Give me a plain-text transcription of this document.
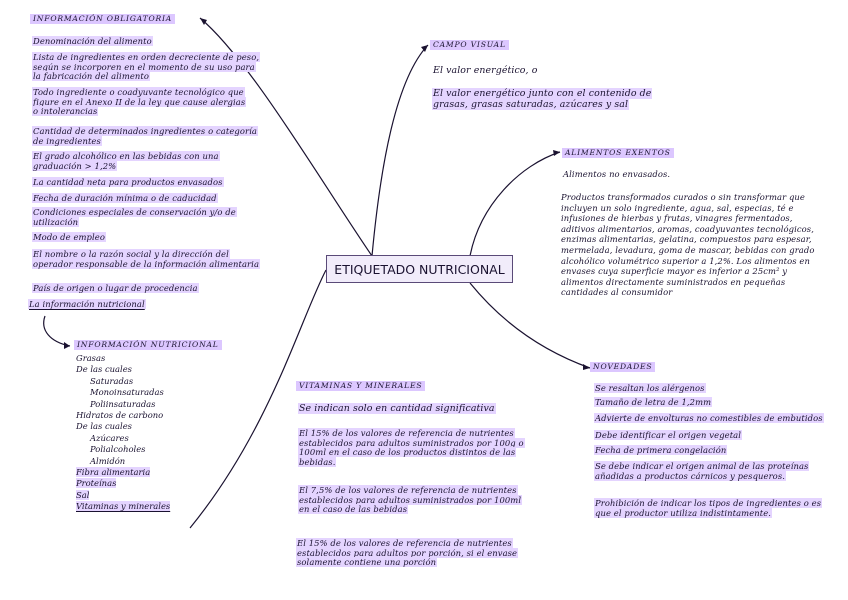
ETIQUETADO NUTRICIONAL
INFORMACIÓN OBLIGATORIA
Denominación del alimento
Lista de ingredientes en orden decreciente de peso, según se incorporen en el momento de su uso para la fabricación del alimento
Todo ingrediente o coadyuvante tecnológico que figure en el Anexo II de la ley que cause alergias o intolerancias
Cantidad de determinados ingredientes o categoría de ingredientes
El grado alcohólico en las bebidas con una graduación > 1,2%
La cantidad neta para productos envasados
Fecha de duración mínima o de caducidad
Condiciones especiales de conservación y/o de utilización
Modo de empleo
El nombre o la razón social y la dirección del operador responsable de la información alimentaria
País de origen o lugar de procedencia
La información nutricional
INFORMACIÓN NUTRICIONAL
Grasas
De las cuales
Saturadas
Monoinsaturadas
Poliinsaturadas
Hidratos de carbono
De las cuales
Azúcares
Polialcoholes
Almidón
Fibra alimentaria
Proteínas
Sal
Vitaminas y minerales
VITAMINAS Y MINERALES
Se indican solo en cantidad significativa
El 15% de los valores de referencia de nutrientes establecidos para adultos suministrados por 100g o 100ml en el caso de los productos distintos de las bebidas.
El 7,5% de los valores de referencia de nutrientes establecidos para adultos suministrados por 100ml en el caso de las bebidas
El 15% de los valores de referencia de nutrientes establecidos para adultos por porción, si el envase solamente contiene una porción
CAMPO VISUAL
El valor energético, o
El valor energético junto con el contenido de grasas, grasas saturadas, azúcares y sal
ALIMENTOS EXENTOS
Alimentos no envasados.
Productos transformados curados o sin transformar que incluyen un solo ingrediente, agua, sal, especias, té e infusiones de hierbas y frutas, vinagres fermentados, aditivos alimentarios, aromas, coadyuvantes tecnológicos, enzimas alimentarias, gelatina, compuestos para espesar, mermelada, levadura, goma de mascar, bebidas con grado alcohólico volumétrico superior a 1,2%. Los alimentos en envases cuya superficie mayor es inferior a 25cm² y alimentos directamente suministrados en pequeñas cantidades al consumidor
NOVEDADES
Se resaltan los alérgenos
Tamaño de letra de 1,2mm
Advierte de envolturas no comestibles de embutidos
Debe identificar el origen vegetal
Fecha de primera congelación
Se debe indicar el origen animal de las proteínas añadidas a productos cárnicos y pesqueros.
Prohibición de indicar los tipos de ingredientes o es que el productor utiliza indistintamente.
